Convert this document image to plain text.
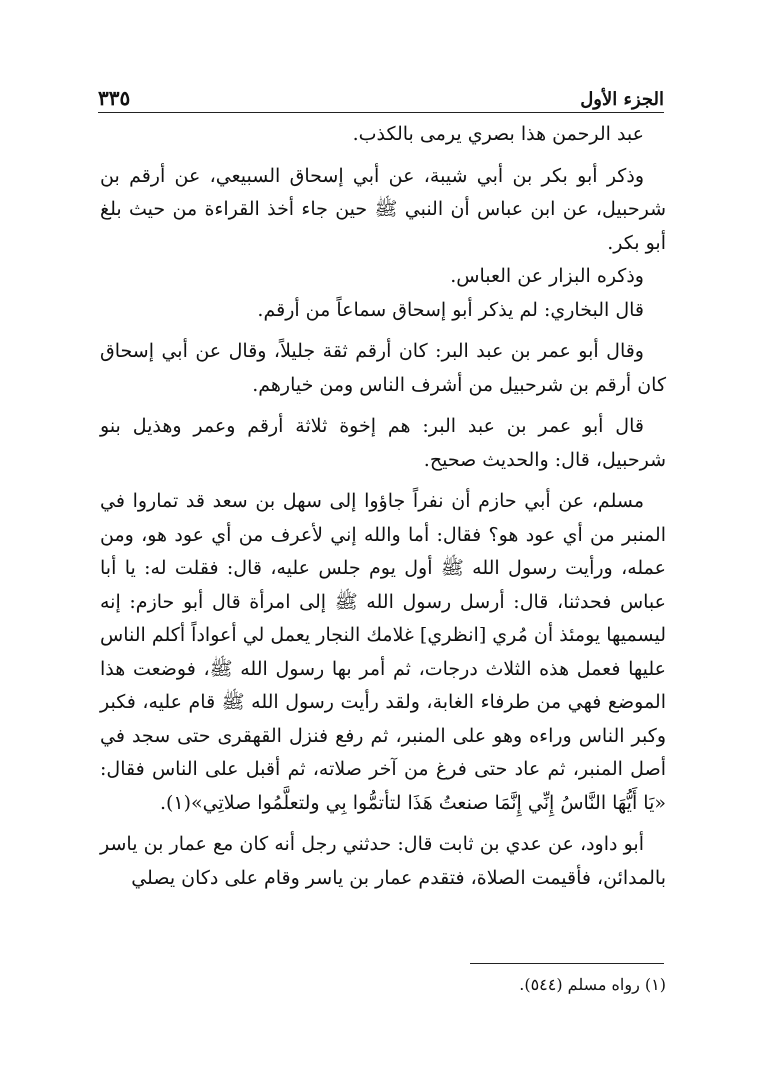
الجزء الأول
٣٣٥

عبد الرحمن هذا بصري يرمى بالكذب.

وذكر أبو بكر بن أبي شيبة، عن أبي إسحاق السبيعي، عن أرقم بن شرحبيل، عن ابن عباس أن النبي ﷺ حين جاء أخذ القراءة من حيث بلغ أبو بكر.

وذكره البزار عن العباس.

قال البخاري: لم يذكر أبو إسحاق سماعاً من أرقم.

وقال أبو عمر بن عبد البر: كان أرقم ثقة جليلاً، وقال عن أبي إسحاق كان أرقم بن شرحبيل من أشرف الناس ومن خيارهم.

قال أبو عمر بن عبد البر: هم إخوة ثلاثة أرقم وعمر وهذيل بنو شرحبيل، قال: والحديث صحيح.

مسلم، عن أبي حازم أن نفراً جاؤوا إلى سهل بن سعد قد تماروا في المنبر من أي عود هو؟ فقال: أما والله إني لأعرف من أي عود هو، ومن عمله، ورأيت رسول الله ﷺ أول يوم جلس عليه، قال: فقلت له: يا أبا عباس فحدثنا، قال: أرسل رسول الله ﷺ إلى امرأة قال أبو حازم: إنه ليسميها يومئذ أن مُري [انظري] غلامك النجار يعمل لي أعواداً أكلم الناس عليها فعمل هذه الثلاث درجات، ثم أمر بها رسول الله ﷺ، فوضعت هذا الموضع فهي من طرفاء الغابة، ولقد رأيت رسول الله ﷺ قام عليه، فكبر وكبر الناس وراءه وهو على المنبر، ثم رفع فنزل القهقرى حتى سجد في أصل المنبر، ثم عاد حتى فرغ من آخر صلاته، ثم أقبل على الناس فقال: «يَا أَيُّهَا النَّاسُ إِنِّي إِنَّمَا صنعتُ هَذَا لتأتمُّوا بِي ولتعلَّمُوا صلاتِي»(١).

أبو داود، عن عدي بن ثابت قال: حدثني رجل أنه كان مع عمار بن ياسر بالمدائن، فأقيمت الصلاة، فتقدم عمار بن ياسر وقام على دكان يصلي

(١) رواه مسلم (٥٤٤).
